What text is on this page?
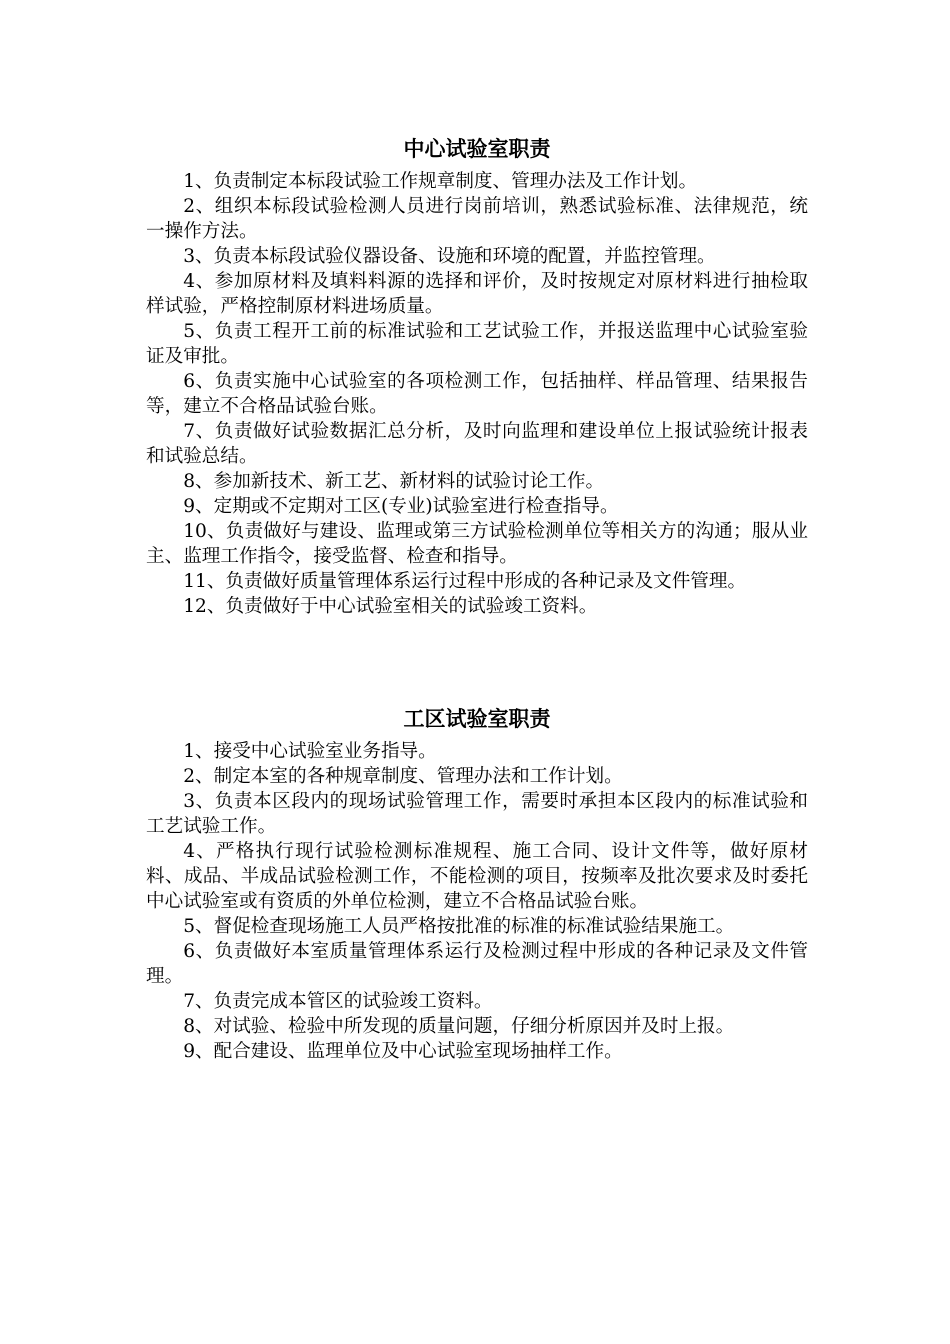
中心试验室职责

1、负责制定本标段试验工作规章制度、管理办法及工作计划。

2、组织本标段试验检测人员进行岗前培训，熟悉试验标准、法律规范，统一操作方法。

3、负责本标段试验仪器设备、设施和环境的配置，并监控管理。

4、参加原材料及填料料源的选择和评价，及时按规定对原材料进行抽检取样试验，严格控制原材料进场质量。

5、负责工程开工前的标准试验和工艺试验工作，并报送监理中心试验室验证及审批。

6、负责实施中心试验室的各项检测工作，包括抽样、样品管理、结果报告等，建立不合格品试验台账。

7、负责做好试验数据汇总分析，及时向监理和建设单位上报试验统计报表和试验总结。

8、参加新技术、新工艺、新材料的试验讨论工作。

9、定期或不定期对工区(专业)试验室进行检查指导。

10、负责做好与建设、监理或第三方试验检测单位等相关方的沟通；服从业主、监理工作指令，接受监督、检查和指导。

11、负责做好质量管理体系运行过程中形成的各种记录及文件管理。

12、负责做好于中心试验室相关的试验竣工资料。

工区试验室职责

1、接受中心试验室业务指导。

2、制定本室的各种规章制度、管理办法和工作计划。

3、负责本区段内的现场试验管理工作，需要时承担本区段内的标准试验和工艺试验工作。

4、严格执行现行试验检测标准规程、施工合同、设计文件等，做好原材料、成品、半成品试验检测工作，不能检测的项目，按频率及批次要求及时委托中心试验室或有资质的外单位检测，建立不合格品试验台账。

5、督促检查现场施工人员严格按批准的标准的标准试验结果施工。

6、负责做好本室质量管理体系运行及检测过程中形成的各种记录及文件管理。

7、负责完成本管区的试验竣工资料。

8、对试验、检验中所发现的质量问题，仔细分析原因并及时上报。

9、配合建设、监理单位及中心试验室现场抽样工作。
